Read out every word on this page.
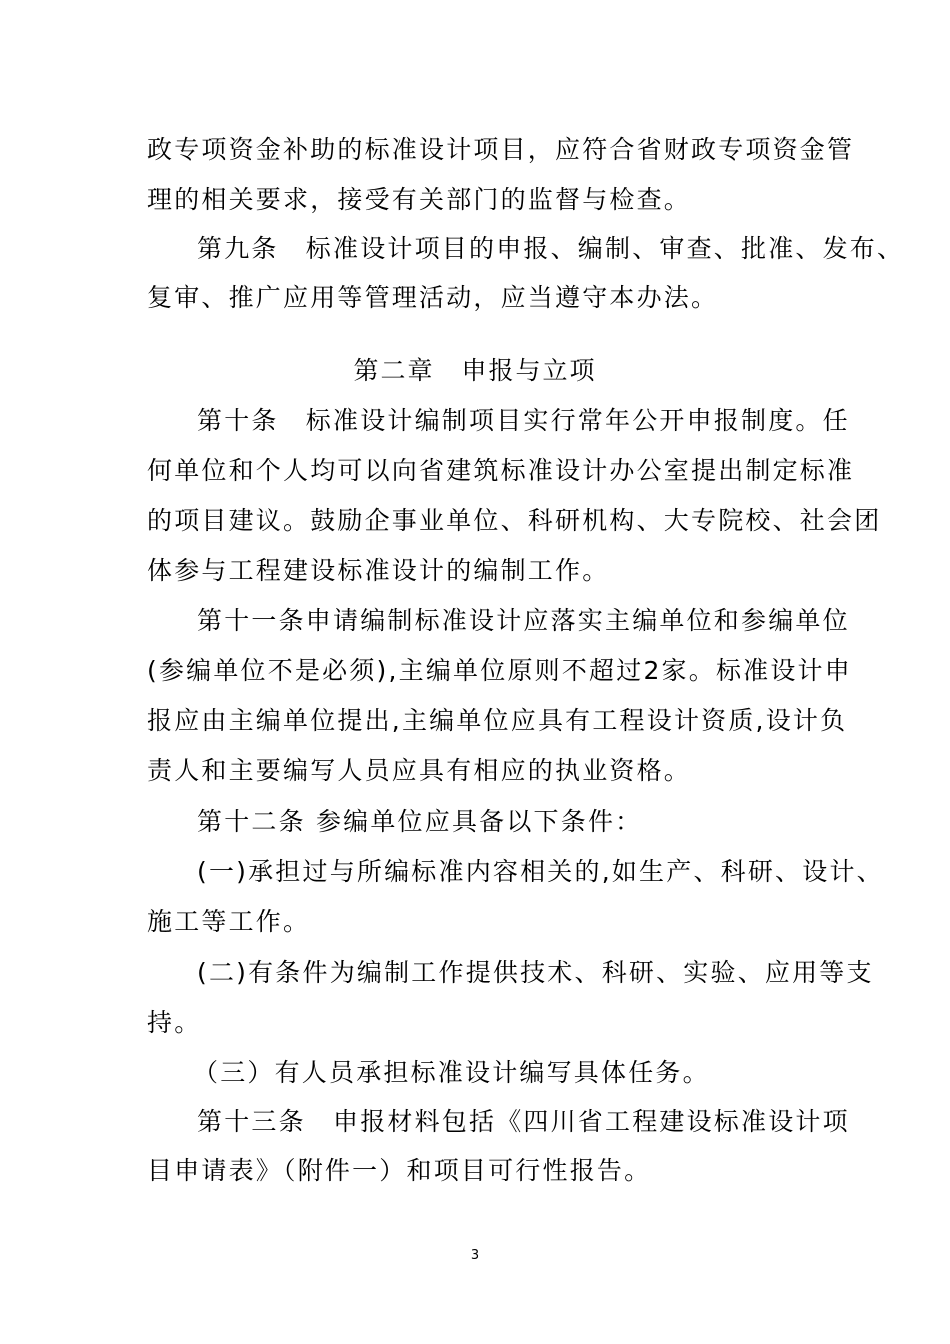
政专项资金补助的标准设计项目，应符合省财政专项资金管
理的相关要求，接受有关部门的监督与检查。
第九条　标准设计项目的申报、编制、审查、批准、发布、
复审、推广应用等管理活动，应当遵守本办法。
第二章　申报与立项
第十条　标准设计编制项目实行常年公开申报制度。任
何单位和个人均可以向省建筑标准设计办公室提出制定标准
的项目建议。鼓励企事业单位、科研机构、大专院校、社会团
体参与工程建设标准设计的编制工作。
第十一条申请编制标准设计应落实主编单位和参编单位
(参编单位不是必须),主编单位原则不超过2家。标准设计申
报应由主编单位提出,主编单位应具有工程设计资质,设计负
责人和主要编写人员应具有相应的执业资格。
第十二条 参编单位应具备以下条件：
(一)承担过与所编标准内容相关的,如生产、科研、设计、
施工等工作。
(二)有条件为编制工作提供技术、科研、实验、应用等支
持。
（三）有人员承担标准设计编写具体任务。
第十三条　申报材料包括《四川省工程建设标准设计项
目申请表》（附件一）和项目可行性报告。
3
